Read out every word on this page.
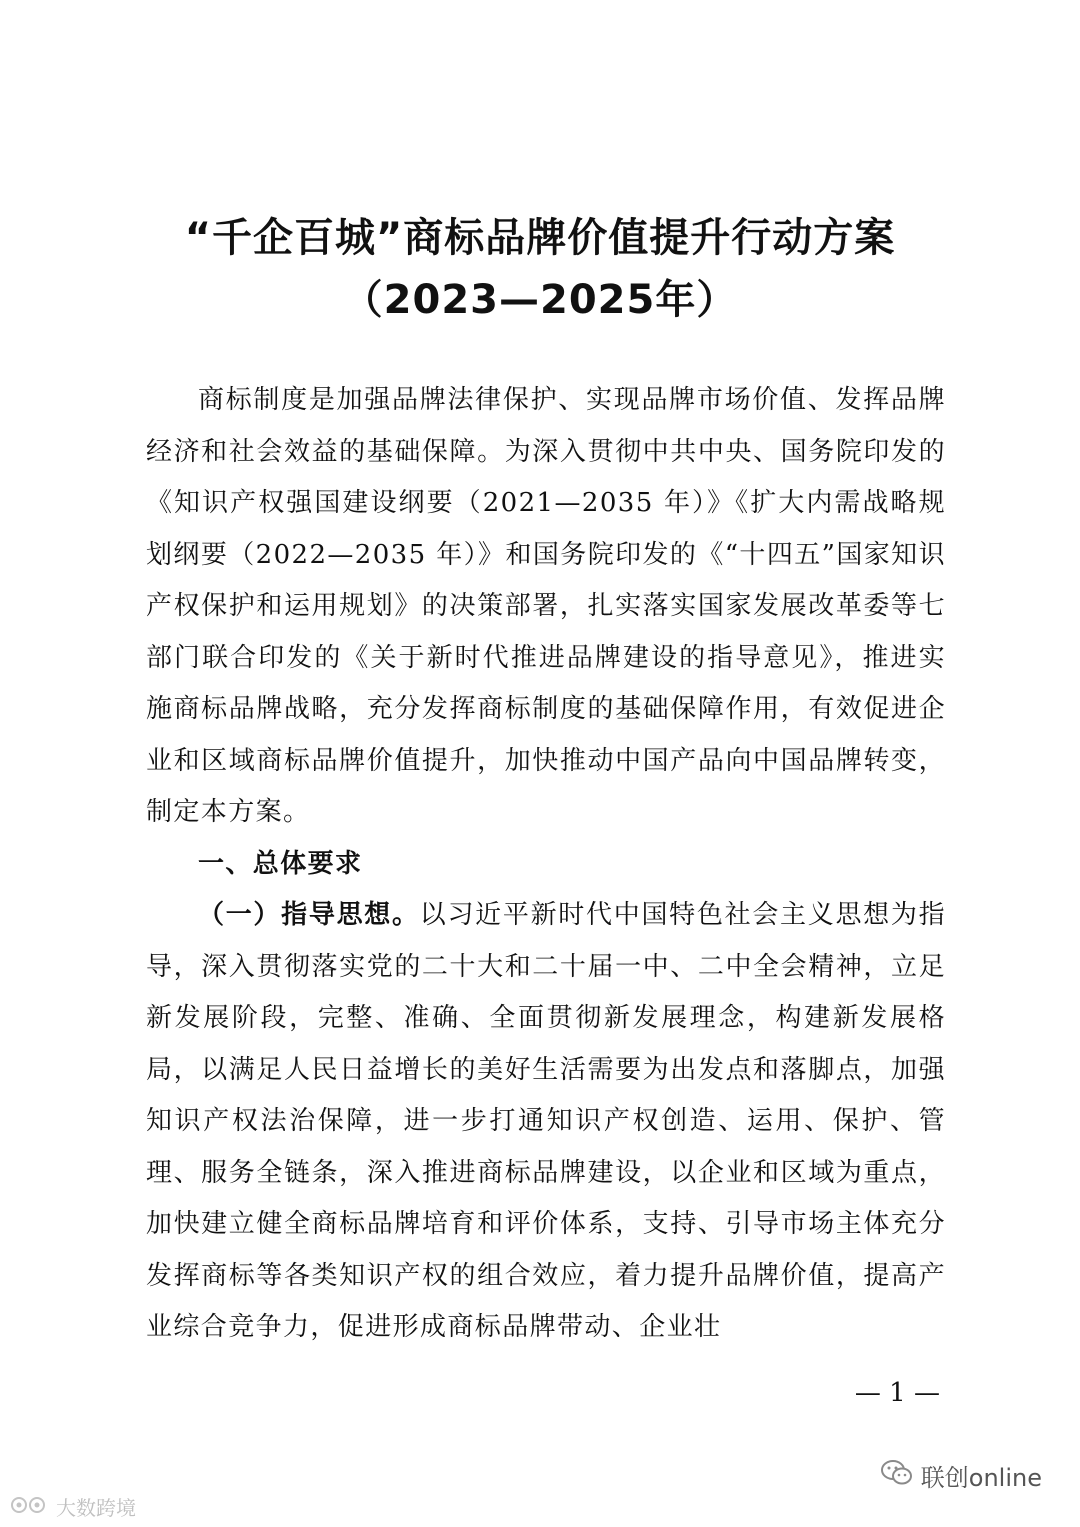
“千企百城”商标品牌价值提升行动方案
（2023—2025年）

商标制度是加强品牌法律保护、实现品牌市场价值、发挥品牌经济和社会效益的基础保障。为深入贯彻中共中央、国务院印发的《知识产权强国建设纲要（2021—2035 年）》《扩大内需战略规划纲要（2022—2035 年）》和国务院印发的《“十四五”国家知识产权保护和运用规划》的决策部署，扎实落实国家发展改革委等七部门联合印发的《关于新时代推进品牌建设的指导意见》，推进实施商标品牌战略，充分发挥商标制度的基础保障作用，有效促进企业和区域商标品牌价值提升，加快推动中国产品向中国品牌转变，制定本方案。

一、总体要求

（一）指导思想。以习近平新时代中国特色社会主义思想为指导，深入贯彻落实党的二十大和二十届一中、二中全会精神，立足新发展阶段，完整、准确、全面贯彻新发展理念，构建新发展格局，以满足人民日益增长的美好生活需要为出发点和落脚点，加强知识产权法治保障，进一步打通知识产权创造、运用、保护、管理、服务全链条，深入推进商标品牌建设，以企业和区域为重点，加快建立健全商标品牌培育和评价体系，支持、引导市场主体充分发挥商标等各类知识产权的组合效应，着力提升品牌价值，提高产业综合竞争力，促进形成商标品牌带动、企业壮

— 1 —
大数跨境
联创online
